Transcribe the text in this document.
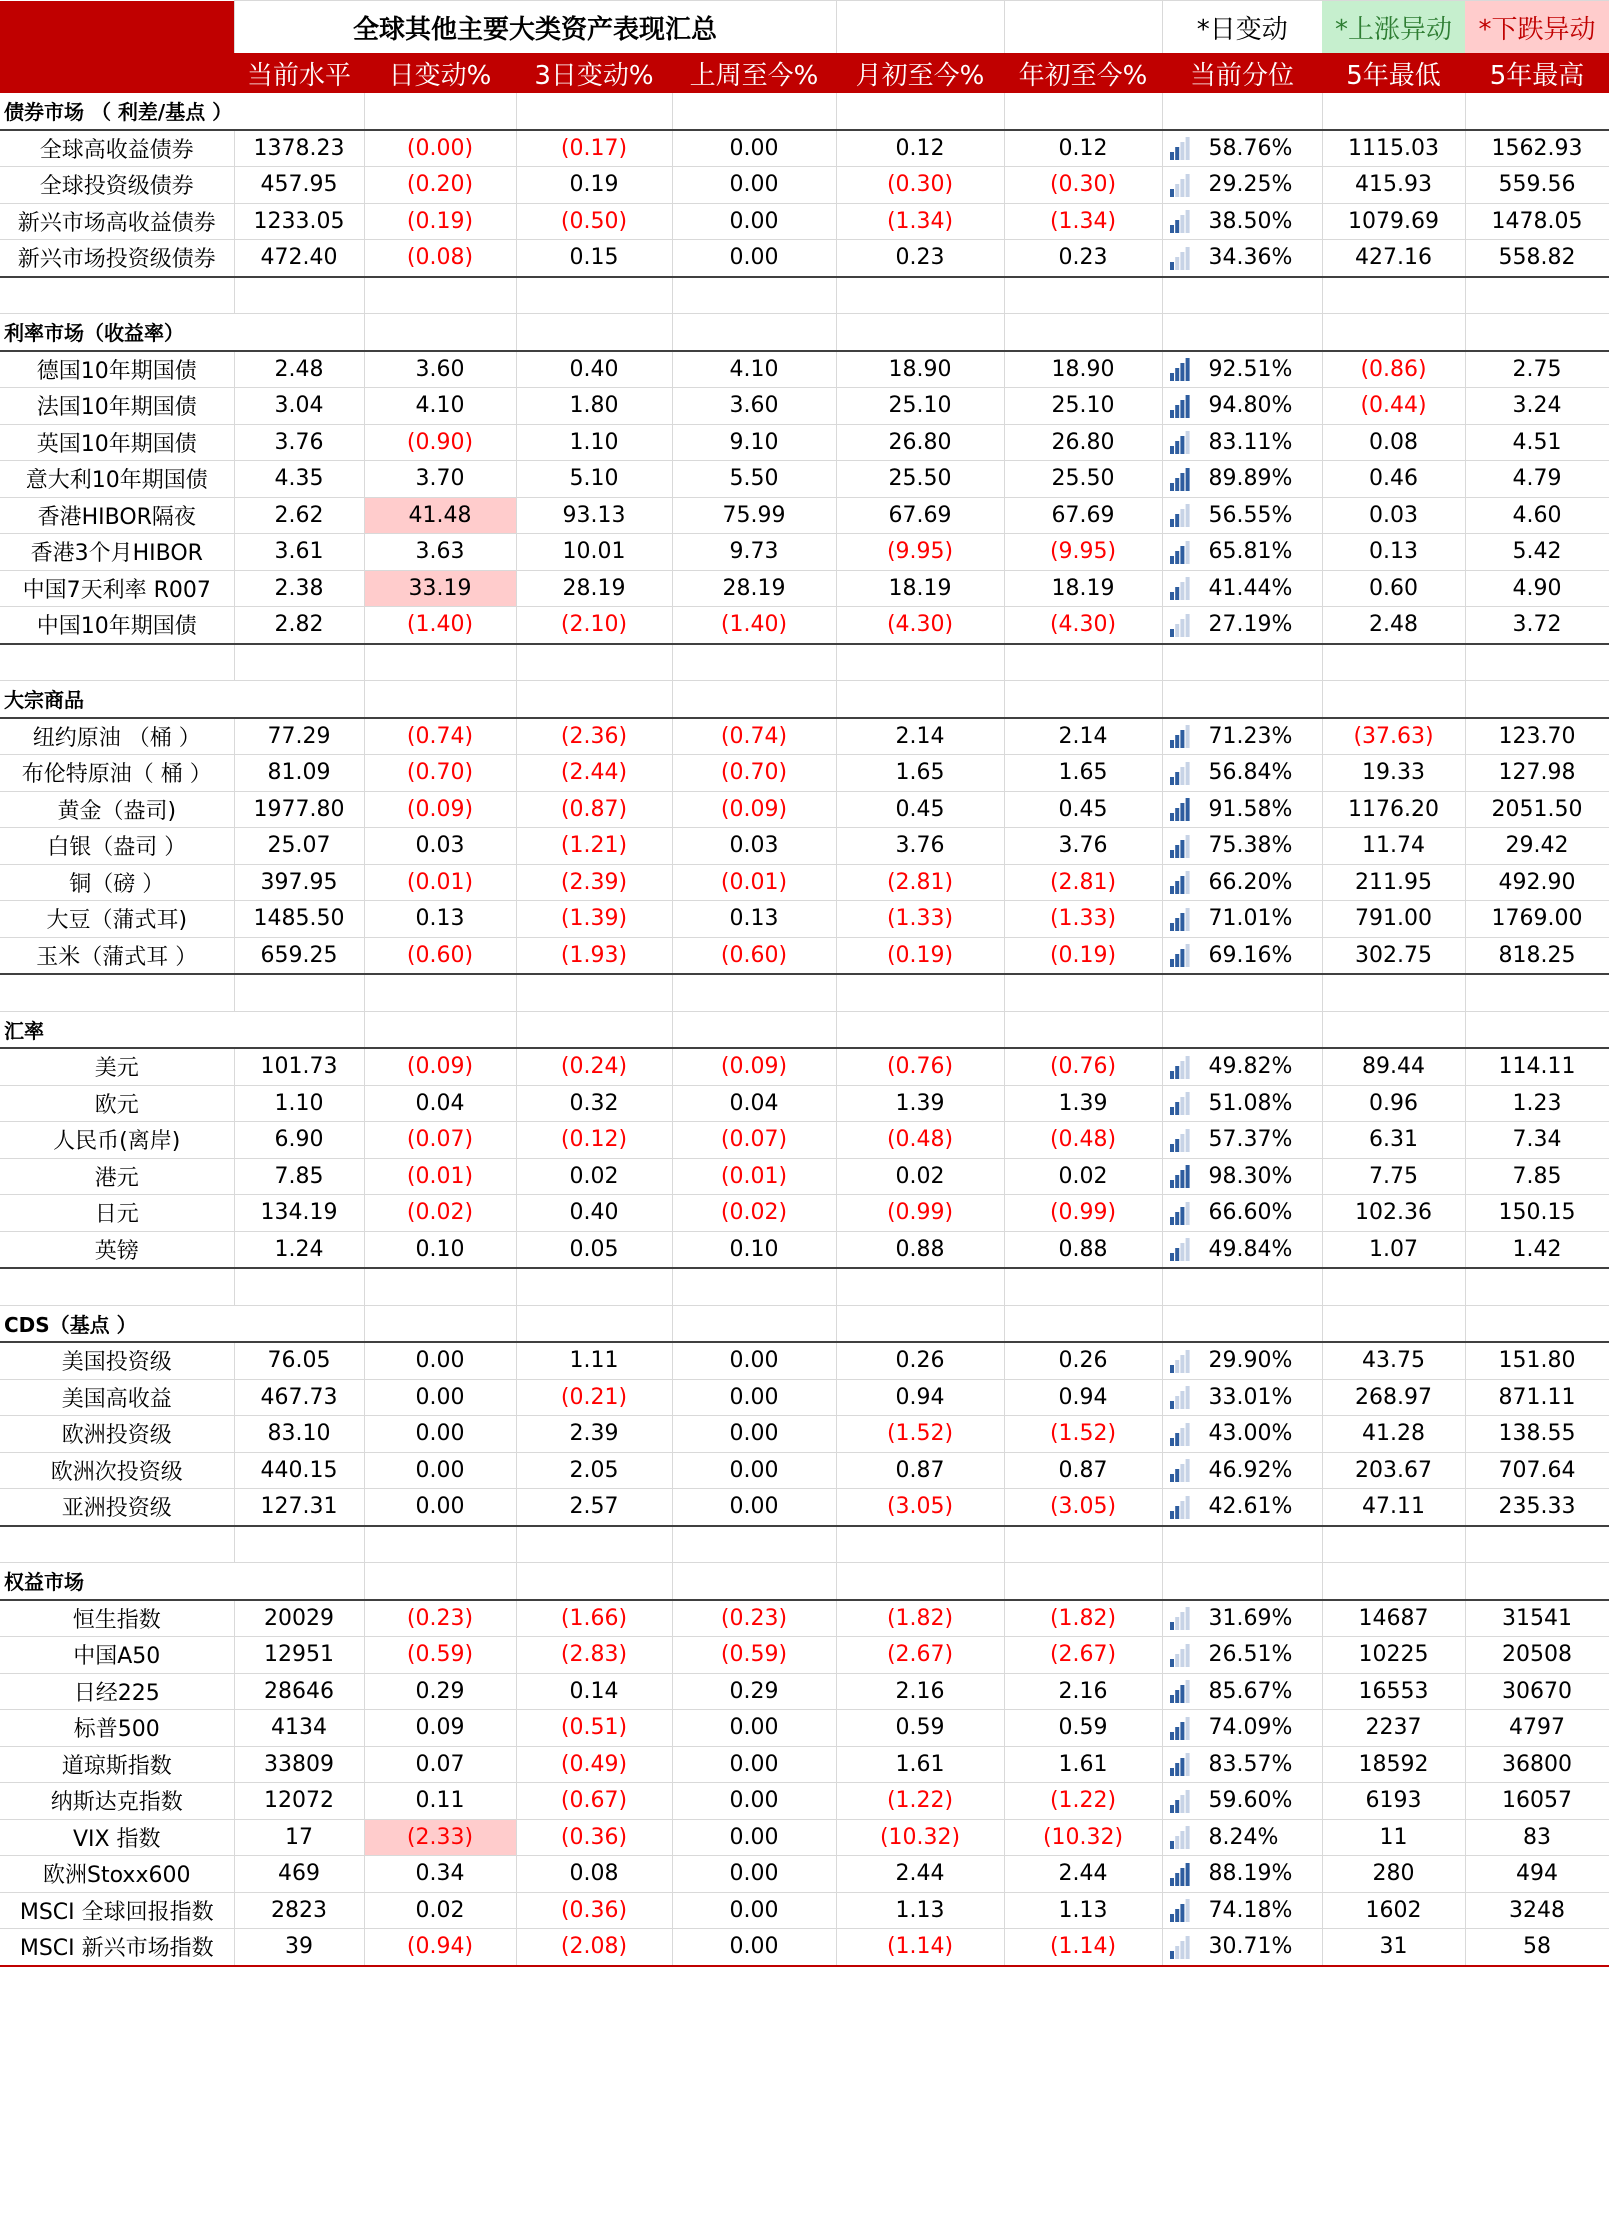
	全球其他主要大类资产表现汇总						*日变动	*上涨异动	*下跌异动
	当前水平	日变动%	3日变动%	上周至今%	月初至今%	年初至今%	当前分位	5年最低	5年最高
债券市场 （ 利差/基点 ）									
全球高收益债券	1378.23	(0.00)	(0.17)	0.00	0.12	0.12	58.76%	1115.03	1562.93
全球投资级债券	457.95	(0.20)	0.19	0.00	(0.30)	(0.30)	29.25%	415.93	559.56
新兴市场高收益债券	1233.05	(0.19)	(0.50)	0.00	(1.34)	(1.34)	38.50%	1079.69	1478.05
新兴市场投资级债券	472.40	(0.08)	0.15	0.00	0.23	0.23	34.36%	427.16	558.82

利率市场（收益率）									
德国10年期国债	2.48	3.60	0.40	4.10	18.90	18.90	92.51%	(0.86)	2.75
法国10年期国债	3.04	4.10	1.80	3.60	25.10	25.10	94.80%	(0.44)	3.24
英国10年期国债	3.76	(0.90)	1.10	9.10	26.80	26.80	83.11%	0.08	4.51
意大利10年期国债	4.35	3.70	5.10	5.50	25.50	25.50	89.89%	0.46	4.79
香港HIBOR隔夜	2.62	41.48	93.13	75.99	67.69	67.69	56.55%	0.03	4.60
香港3个月HIBOR	3.61	3.63	10.01	9.73	(9.95)	(9.95)	65.81%	0.13	5.42
中国7天利率 R007	2.38	33.19	28.19	28.19	18.19	18.19	41.44%	0.60	4.90
中国10年期国债	2.82	(1.40)	(2.10)	(1.40)	(4.30)	(4.30)	27.19%	2.48	3.72

大宗商品									
纽约原油 （桶 ）	77.29	(0.74)	(2.36)	(0.74)	2.14	2.14	71.23%	(37.63)	123.70
布伦特原油（ 桶 ）	81.09	(0.70)	(2.44)	(0.70)	1.65	1.65	56.84%	19.33	127.98
黄金（盎司)	1977.80	(0.09)	(0.87)	(0.09)	0.45	0.45	91.58%	1176.20	2051.50
白银（盎司 ）	25.07	0.03	(1.21)	0.03	3.76	3.76	75.38%	11.74	29.42
铜（磅 ）	397.95	(0.01)	(2.39)	(0.01)	(2.81)	(2.81)	66.20%	211.95	492.90
大豆（蒲式耳)	1485.50	0.13	(1.39)	0.13	(1.33)	(1.33)	71.01%	791.00	1769.00
玉米（蒲式耳 ）	659.25	(0.60)	(1.93)	(0.60)	(0.19)	(0.19)	69.16%	302.75	818.25

汇率									
美元	101.73	(0.09)	(0.24)	(0.09)	(0.76)	(0.76)	49.82%	89.44	114.11
欧元	1.10	0.04	0.32	0.04	1.39	1.39	51.08%	0.96	1.23
人民币(离岸)	6.90	(0.07)	(0.12)	(0.07)	(0.48)	(0.48)	57.37%	6.31	7.34
港元	7.85	(0.01)	0.02	(0.01)	0.02	0.02	98.30%	7.75	7.85
日元	134.19	(0.02)	0.40	(0.02)	(0.99)	(0.99)	66.60%	102.36	150.15
英镑	1.24	0.10	0.05	0.10	0.88	0.88	49.84%	1.07	1.42

CDS（基点 ）									
美国投资级	76.05	0.00	1.11	0.00	0.26	0.26	29.90%	43.75	151.80
美国高收益	467.73	0.00	(0.21)	0.00	0.94	0.94	33.01%	268.97	871.11
欧洲投资级	83.10	0.00	2.39	0.00	(1.52)	(1.52)	43.00%	41.28	138.55
欧洲次投资级	440.15	0.00	2.05	0.00	0.87	0.87	46.92%	203.67	707.64
亚洲投资级	127.31	0.00	2.57	0.00	(3.05)	(3.05)	42.61%	47.11	235.33

权益市场									
恒生指数	20029	(0.23)	(1.66)	(0.23)	(1.82)	(1.82)	31.69%	14687	31541
中国A50	12951	(0.59)	(2.83)	(0.59)	(2.67)	(2.67)	26.51%	10225	20508
日经225	28646	0.29	0.14	0.29	2.16	2.16	85.67%	16553	30670
标普500	4134	0.09	(0.51)	0.00	0.59	0.59	74.09%	2237	4797
道琼斯指数	33809	0.07	(0.49)	0.00	1.61	1.61	83.57%	18592	36800
纳斯达克指数	12072	0.11	(0.67)	0.00	(1.22)	(1.22)	59.60%	6193	16057
VIX 指数	17	(2.33)	(0.36)	0.00	(10.32)	(10.32)	8.24%	11	83
欧洲Stoxx600	469	0.34	0.08	0.00	2.44	2.44	88.19%	280	494
MSCI 全球回报指数	2823	0.02	(0.36)	0.00	1.13	1.13	74.18%	1602	3248
MSCI 新兴市场指数	39	(0.94)	(2.08)	0.00	(1.14)	(1.14)	30.71%	31	58
